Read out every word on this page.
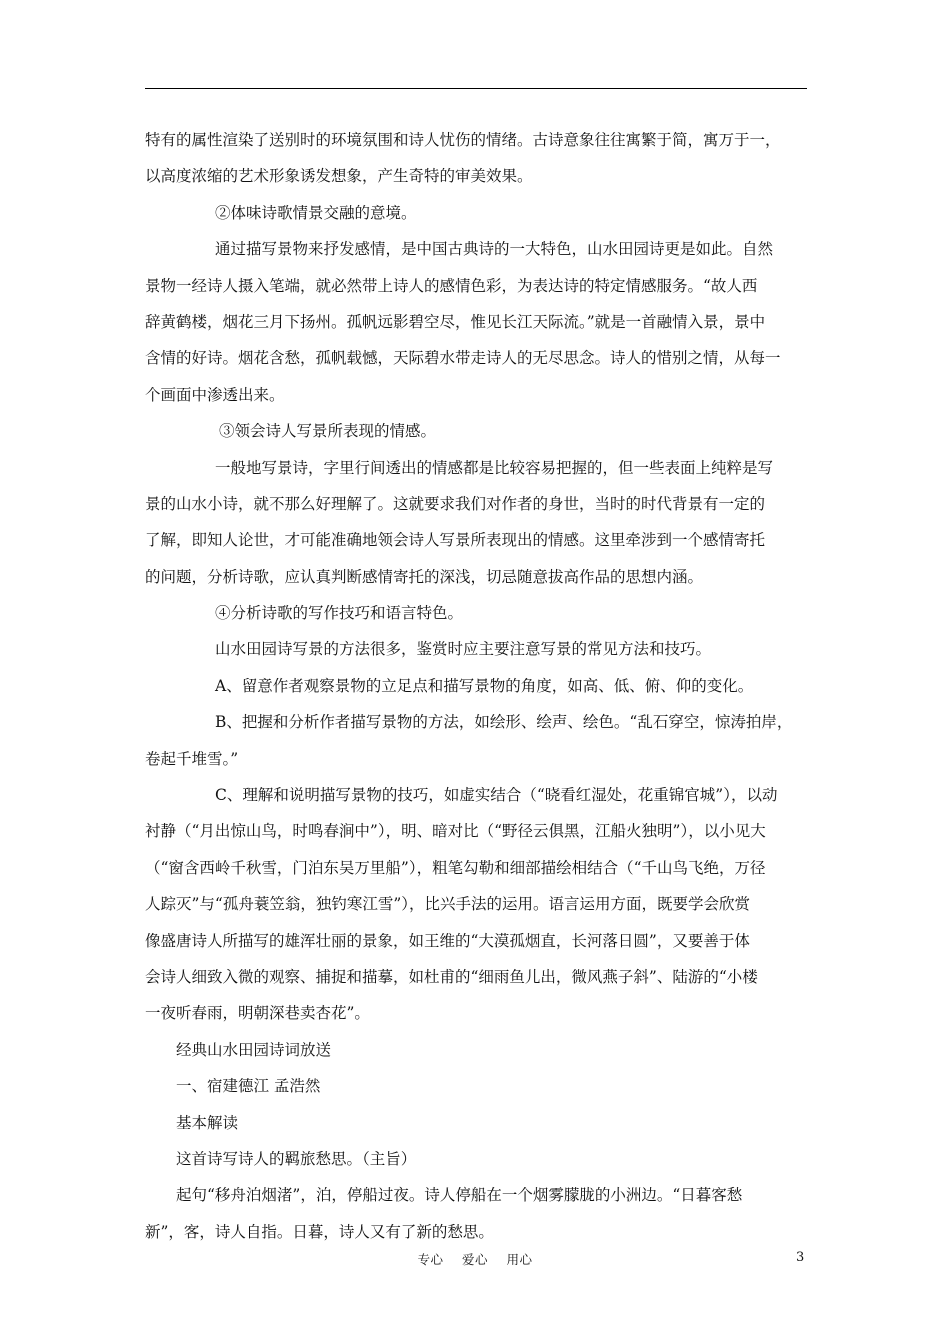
特有的属性渲染了送别时的环境氛围和诗人忧伤的情绪。古诗意象往往寓繁于简，寓万于一，
以高度浓缩的艺术形象诱发想象，产生奇特的审美效果。
②体味诗歌情景交融的意境。
通过描写景物来抒发感情，是中国古典诗的一大特色，山水田园诗更是如此。自然
景物一经诗人摄入笔端，就必然带上诗人的感情色彩，为表达诗的特定情感服务。“故人西
辞黄鹤楼，烟花三月下扬州。孤帆远影碧空尽，惟见长江天际流。”就是一首融情入景，景中
含情的好诗。烟花含愁，孤帆载憾，天际碧水带走诗人的无尽思念。诗人的惜别之情，从每一
个画面中渗透出来。
③领会诗人写景所表现的情感。
一般地写景诗，字里行间透出的情感都是比较容易把握的，但一些表面上纯粹是写
景的山水小诗，就不那么好理解了。这就要求我们对作者的身世，当时的时代背景有一定的
了解，即知人论世，才可能准确地领会诗人写景所表现出的情感。这里牵涉到一个感情寄托
的问题，分析诗歌，应认真判断感情寄托的深浅，切忌随意拔高作品的思想内涵。
④分析诗歌的写作技巧和语言特色。
山水田园诗写景的方法很多，鉴赏时应主要注意写景的常见方法和技巧。
A、留意作者观察景物的立足点和描写景物的角度，如高、低、俯、仰的变化。
B、把握和分析作者描写景物的方法，如绘形、绘声、绘色。“乱石穿空，惊涛拍岸，
卷起千堆雪。”
C、理解和说明描写景物的技巧，如虚实结合（“晓看红湿处，花重锦官城”），以动
衬静（“月出惊山鸟，时鸣春涧中”），明、暗对比（“野径云俱黑，江船火独明”），以小见大
（“窗含西岭千秋雪，门泊东吴万里船”），粗笔勾勒和细部描绘相结合（“千山鸟飞绝，万径
人踪灭”与“孤舟蓑笠翁，独钓寒江雪”），比兴手法的运用。语言运用方面，既要学会欣赏
像盛唐诗人所描写的雄浑壮丽的景象，如王维的“大漠孤烟直，长河落日圆”，又要善于体
会诗人细致入微的观察、捕捉和描摹，如杜甫的“细雨鱼儿出，微风燕子斜”、陆游的“小楼
一夜听春雨，明朝深巷卖杏花”。
经典山水田园诗词放送
一、宿建德江 孟浩然
基本解读
这首诗写诗人的羁旅愁思。（主旨）
起句“移舟泊烟渚”，泊，停船过夜。诗人停船在一个烟雾朦胧的小洲边。“日暮客愁
新”，客，诗人自指。日暮，诗人又有了新的愁思。
专心 爱心 用心	3
